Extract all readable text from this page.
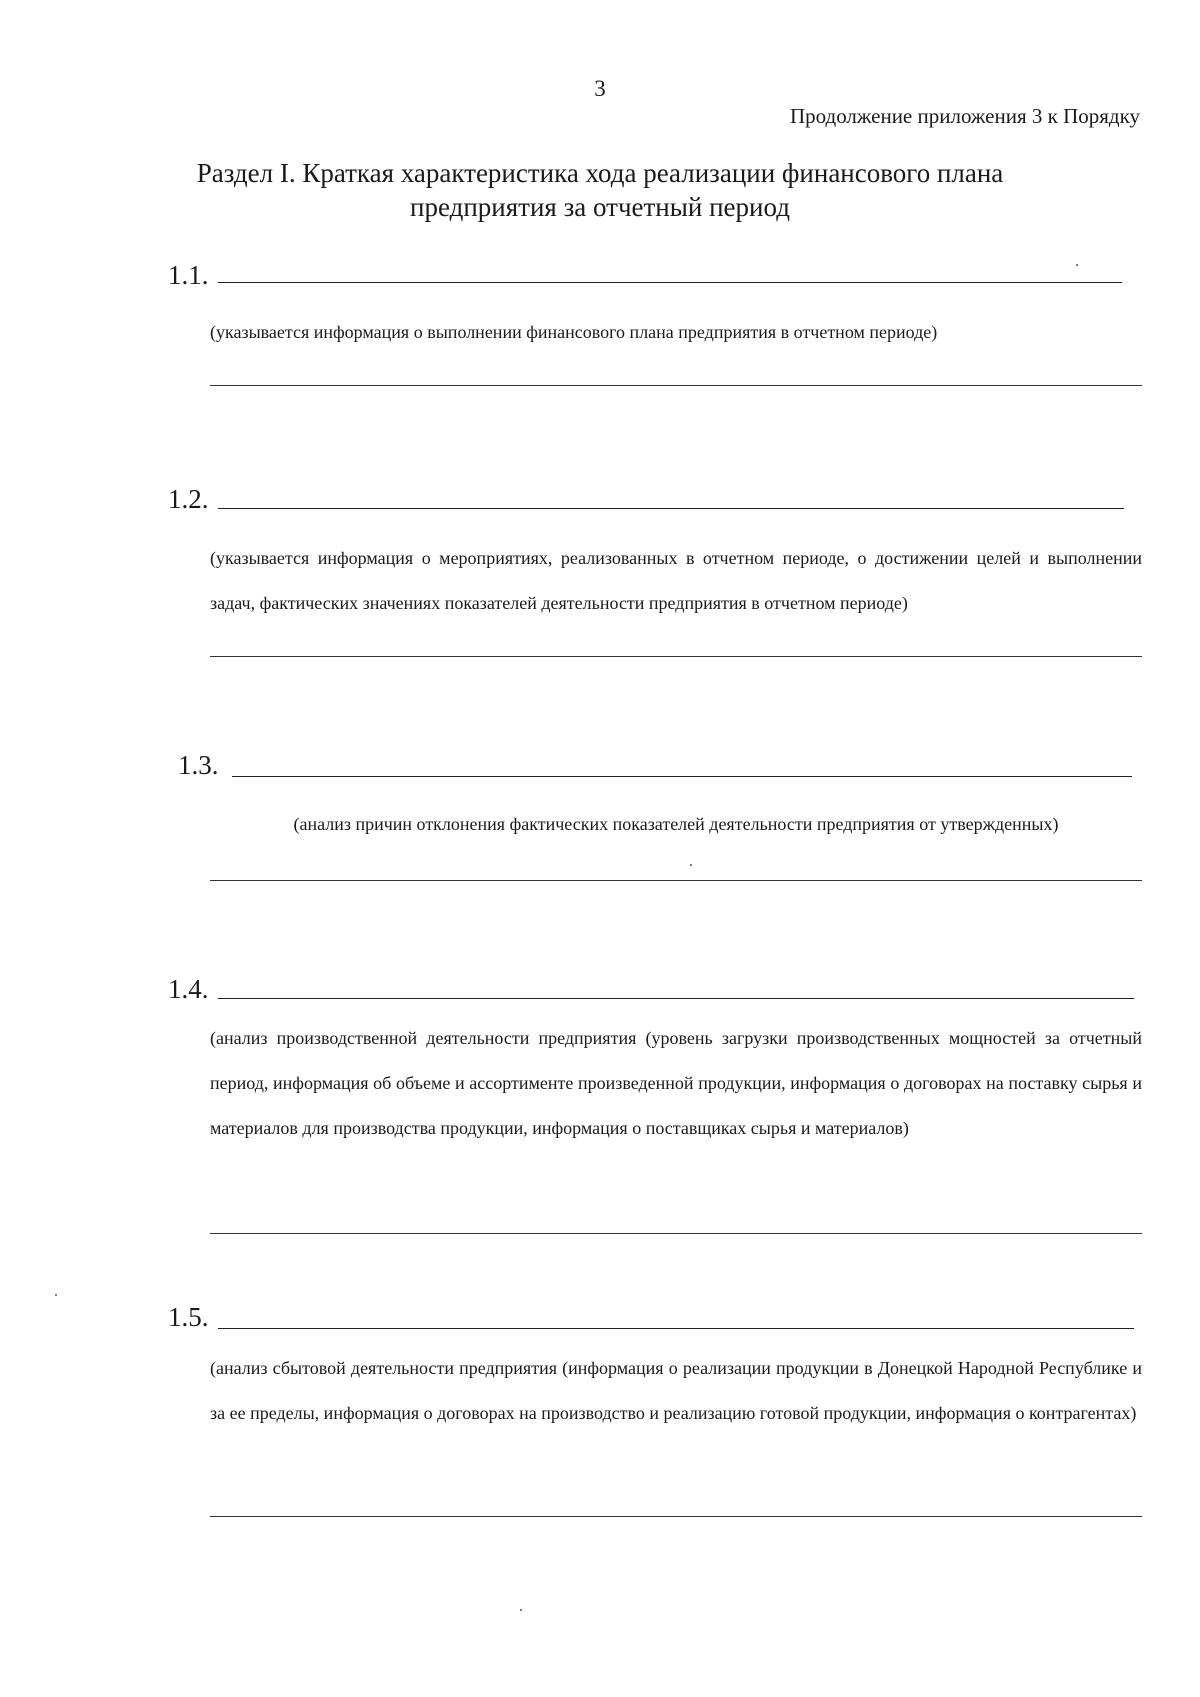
3
Продолжение приложения 3 к Порядку
Раздел I. Краткая характеристика хода реализации финансового плана
предприятия за отчетный период
1.1.
(указывается информация о выполнении финансового плана предприятия в отчетном периоде)
1.2.
(указывается информация о мероприятиях, реализованных в отчетном периоде, о достижении целей и выполнении задач, фактических значениях показателей деятельности предприятия в отчетном периоде)
1.3.
(анализ причин отклонения фактических показателей деятельности предприятия от утвержденных)
1.4.
(анализ производственной деятельности предприятия (уровень загрузки производственных мощностей за отчетный период, информация об объеме и ассортименте произведенной продукции, информация о договорах на поставку сырья и материалов для производства продукции, информация о поставщиках сырья и материалов)
1.5.
(анализ сбытовой деятельности предприятия (информация о реализации продукции в Донецкой Народной Республике и за ее пределы, информация о договорах на производство и реализацию готовой продукции, информация о контрагентах)
